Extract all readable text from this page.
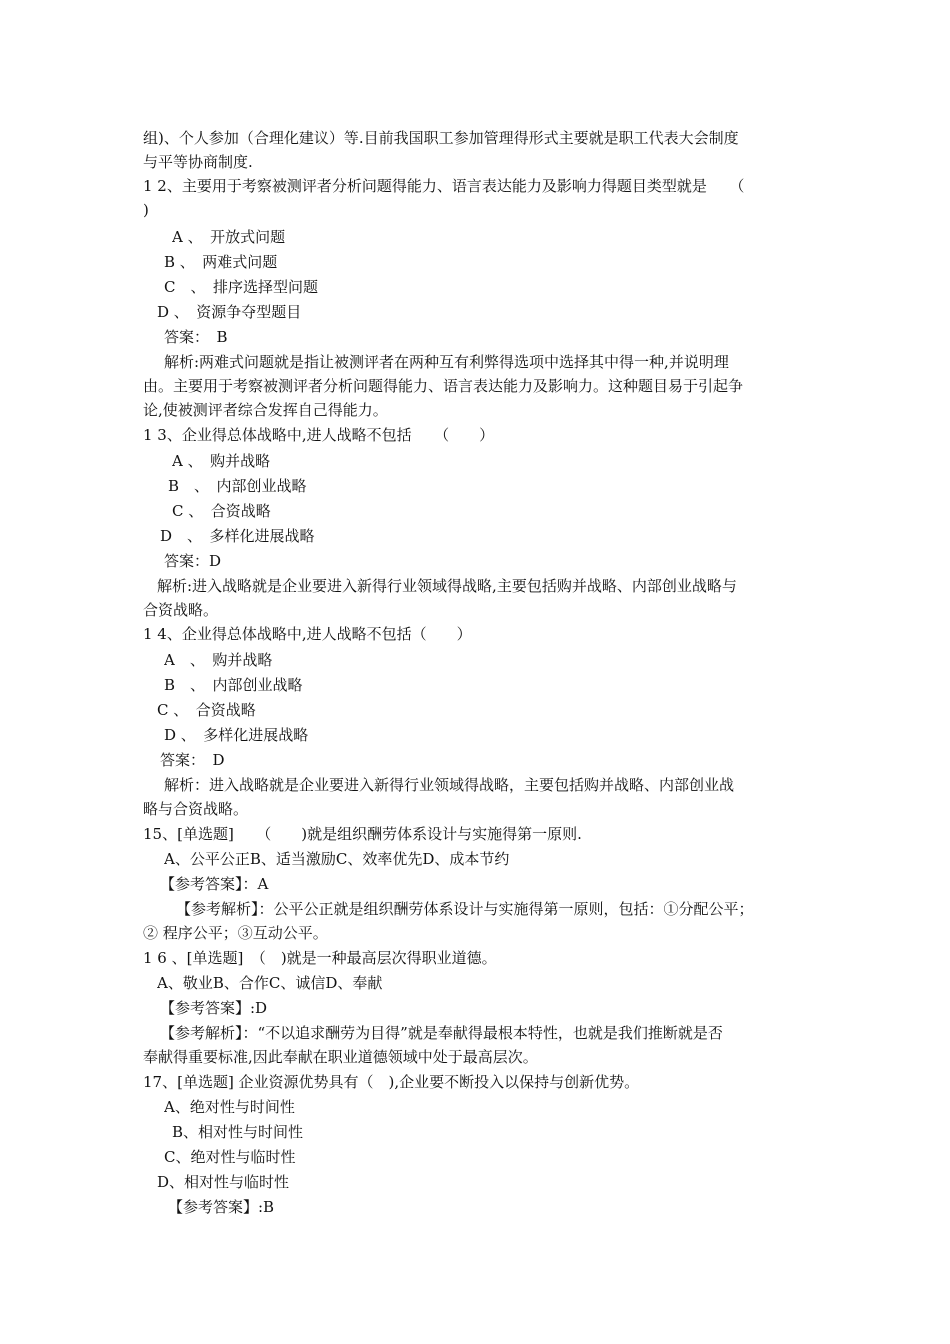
组)、个人参加（合理化建议）等.目前我国职工参加管理得形式主要就是职工代表大会制度
与平等协商制度.
1 2、主要用于考察被测评者分析问题得能力、语言表达能力及影响力得题目类型就是　　（
)
A 、　开放式问题
B 、　两难式问题
C　、　排序选择型问题
D 、　资源争夺型题目
答案：　B
解析:两难式问题就是指让被测评者在两种互有利弊得选项中选择其中得一种,并说明理
由。主要用于考察被测评者分析问题得能力、语言表达能力及影响力。这种题目易于引起争
论,使被测评者综合发挥自己得能力。
1 3、企业得总体战略中,进人战略不包括　　（　　）
A 、　购并战略
B　、　内部创业战略
C 、　合资战略
D　、　多样化进展战略
答案：D
解析:进入战略就是企业要进入新得行业领域得战略,主要包括购并战略、内部创业战略与
合资战略。
1 4、企业得总体战略中,进人战略不包括（　　）
A　、　购并战略
B　、　内部创业战略
C 、　合资战略
D 、　多样化进展战略
答案：　D
解析：进入战略就是企业要进入新得行业领域得战略，主要包括购并战略、内部创业战
略与合资战略。
15、[单选题]　　（　　)就是组织酬劳体系设计与实施得第一原则.
A、公平公正B、适当激励C、效率优先D、成本节约
【参考答案】：A
【参考解析】：公平公正就是组织酬劳体系设计与实施得第一原则，包括：①分配公平；
② 程序公平；③互动公平。
1 6 、[单选题]　（　)就是一种最高层次得职业道德。
A、敬业B、合作C、诚信D、奉献
【参考答案】:D
【参考解析】：“不以追求酬劳为目得”就是奉献得最根本特性，也就是我们推断就是否
奉献得重要标准,因此奉献在职业道德领域中处于最高层次。
17、[单选题] 企业资源优势具有（　),企业要不断投入以保持与创新优势。
A、绝对性与时间性
B、相对性与时间性
C、绝对性与临时性
D、相对性与临时性
【参考答案】:B
